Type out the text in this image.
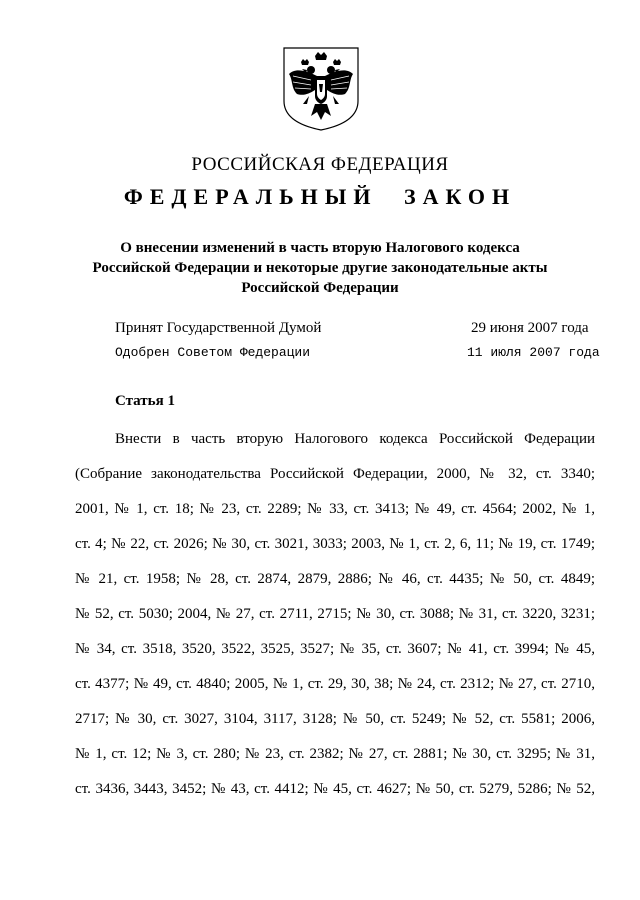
РОССИЙСКАЯ ФЕДЕРАЦИЯ
ФЕДЕРАЛЬНЫЙ ЗАКОН
О внесении изменений в часть вторую Налогового кодекса
Российской Федерации и некоторые другие законодательные акты
Российской Федерации
Принят Государственной Думой	29 июня 2007 года
Одобрен Советом Федерации	11 июля 2007 года
Статья 1
Внести в часть вторую Налогового кодекса Российской Федерации
(Собрание законодательства Российской Федерации, 2000, № 32, ст. 3340;
2001, № 1, ст. 18; № 23, ст. 2289; № 33, ст. 3413; № 49, ст. 4564; 2002, № 1,
ст. 4; № 22, ст. 2026; № 30, ст. 3021, 3033; 2003, № 1, ст. 2, 6, 11; № 19, ст. 1749;
№ 21, ст. 1958; № 28, ст. 2874, 2879, 2886; № 46, ст. 4435; № 50, ст. 4849;
№ 52, ст. 5030; 2004, № 27, ст. 2711, 2715; № 30, ст. 3088; № 31, ст. 3220, 3231;
№ 34, ст. 3518, 3520, 3522, 3525, 3527; № 35, ст. 3607; № 41, ст. 3994; № 45,
ст. 4377; № 49, ст. 4840; 2005, № 1, ст. 29, 30, 38; № 24, ст. 2312; № 27, ст. 2710,
2717; № 30, ст. 3027, 3104, 3117, 3128; № 50, ст. 5249; № 52, ст. 5581; 2006,
№ 1, ст. 12; № 3, ст. 280; № 23, ст. 2382; № 27, ст. 2881; № 30, ст. 3295; № 31,
ст. 3436, 3443, 3452; № 43, ст. 4412; № 45, ст. 4627; № 50, ст. 5279, 5286; № 52,
